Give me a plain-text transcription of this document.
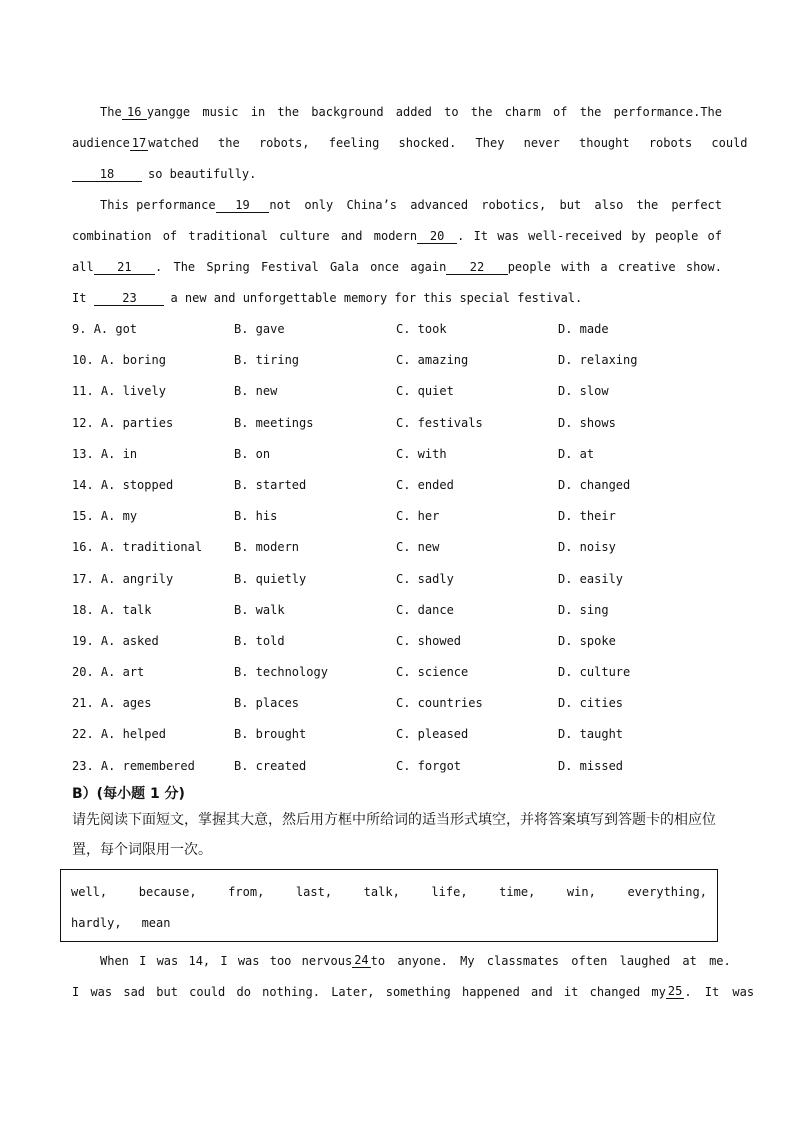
The 16 yangge music in the background added to the charm of the performance. The
audience 17 watched the robots, feeling shocked. They never thought robots could
18	so beautifully.
This performance	19	not only China’s advanced robotics, but also the perfect
combination of traditional culture and modern	20	. It was well-received by people of
all	21	. The Spring Festival Gala once again	22	people with a creative show.
It	23	a new and unforgettable memory for this special festival.
9. A. got	B. gave	C. took	D. made
10. A. boring	B. tiring	C. amazing	D. relaxing
11. A. lively	B. new	C. quiet	D. slow
12. A. parties	B. meetings	C. festivals	D. shows
13. A. in	B. on	C. with	D. at
14. A. stopped	B. started	C. ended	D. changed
15. A. my	B. his	C. her	D. their
16. A. traditional	B. modern	C. new	D. noisy
17. A. angrily	B. quietly	C. sadly	D. easily
18. A. talk	B. walk	C. dance	D. sing
19. A. asked	B. told	C. showed	D. spoke
20. A. art	B. technology	C. science	D. culture
21. A. ages	B. places	C. countries	D. cities
22. A. helped	B. brought	C. pleased	D. taught
23. A. remembered	B. created	C. forgot	D. missed
B）(每小题 1 分)
请先阅读下面短文，掌握其大意，然后用方框中所给词的适当形式填空，并将答案填写到答题卡的相应位
置，每个词限用一次。
well,	because,	from,	last,	talk,	life,	time,	win,	everything,
hardly, mean
When I was 14, I was too nervous 24 to anyone. My classmates often laughed at me.
I was sad but could do nothing. Later, something happened and it changed my 25 . It was
